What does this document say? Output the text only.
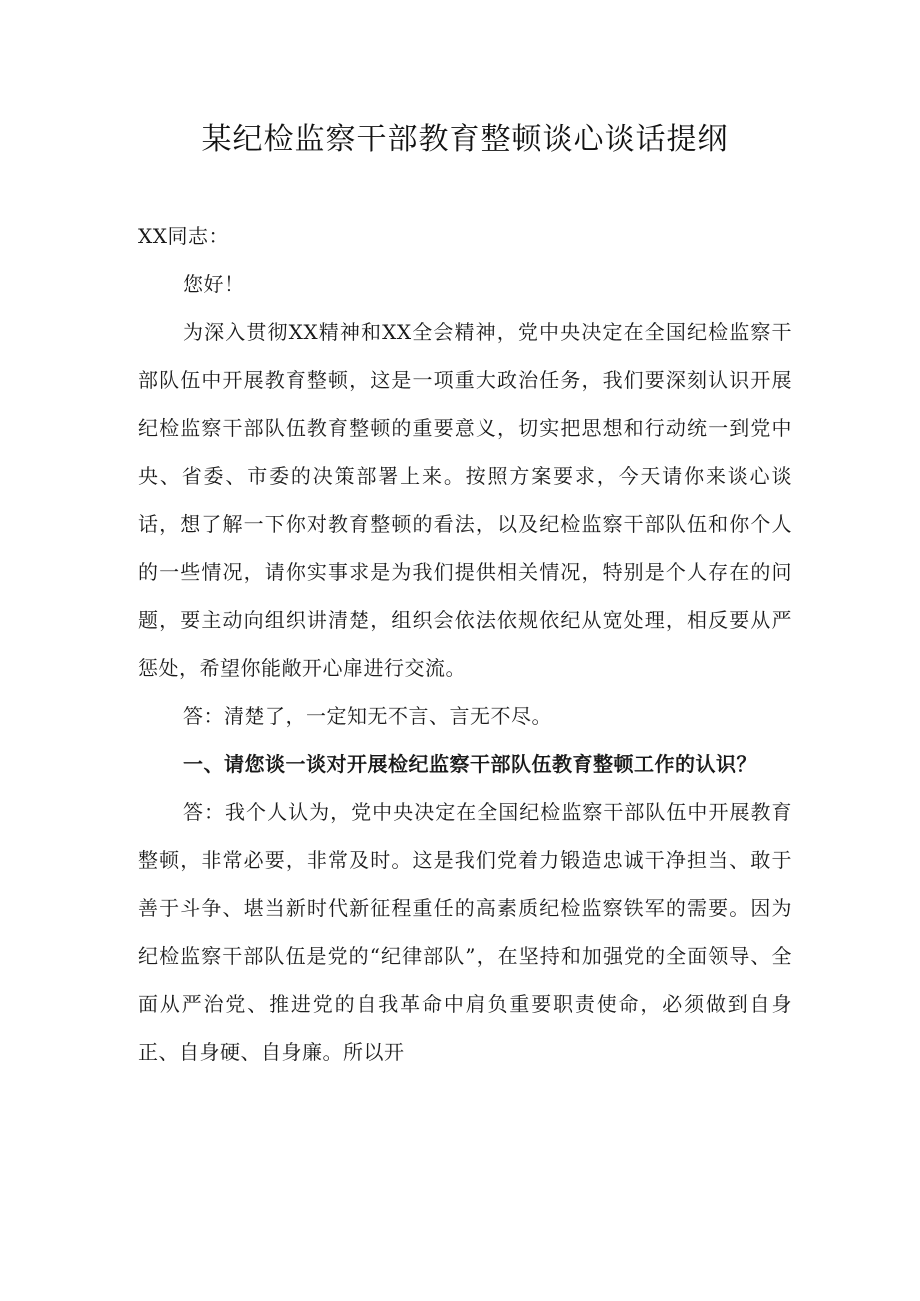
某纪检监察干部教育整顿谈心谈话提纲

XX同志：

您好！

为深入贯彻XX精神和XX全会精神，党中央决定在全国纪检监察干部队伍中开展教育整顿，这是一项重大政治任务，我们要深刻认识开展纪检监察干部队伍教育整顿的重要意义，切实把思想和行动统一到党中央、省委、市委的决策部署上来。按照方案要求，今天请你来谈心谈话，想了解一下你对教育整顿的看法，以及纪检监察干部队伍和你个人的一些情况，请你实事求是为我们提供相关情况，特别是个人存在的问题，要主动向组织讲清楚，组织会依法依规依纪从宽处理，相反要从严惩处，希望你能敞开心扉进行交流。

答：清楚了，一定知无不言、言无不尽。

一、请您谈一谈对开展检纪监察干部队伍教育整顿工作的认识？

答：我个人认为，党中央决定在全国纪检监察干部队伍中开展教育整顿，非常必要，非常及时。这是我们党着力锻造忠诚干净担当、敢于善于斗争、堪当新时代新征程重任的高素质纪检监察铁军的需要。因为纪检监察干部队伍是党的“纪律部队”，在坚持和加强党的全面领导、全面从严治党、推进党的自我革命中肩负重要职责使命，必须做到自身正、自身硬、自身廉。所以开
